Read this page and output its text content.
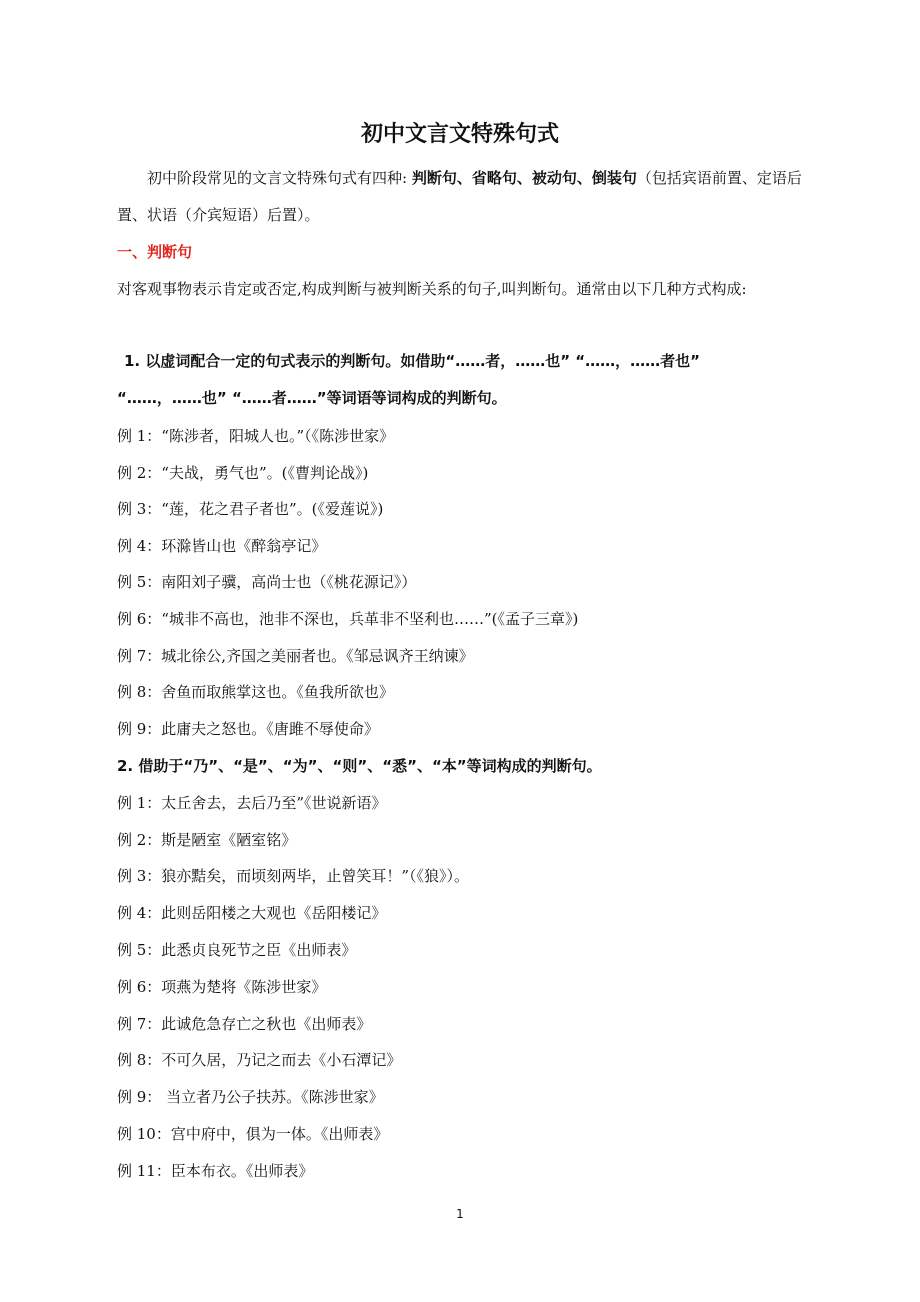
初中文言文特殊句式
初中阶段常见的文言文特殊句式有四种: 判断句、省略句、被动句、倒装句（包括宾语前置、定语后置、状语（介宾短语）后置）。
一、判断句
对客观事物表示肯定或否定,构成判断与被判断关系的句子,叫判断句。通常由以下几种方式构成:
1. 以虚词配合一定的句式表示的判断句。如借助“……者，……也” “……，……者也”
“……，……也” “……者……”等词语等词构成的判断句。
例 1：“陈涉者，阳城人也。”（《陈涉世家》
例 2：“夫战，勇气也”。(《曹判论战》)
例 3：“莲，花之君子者也”。(《爱莲说》)
例 4：环滁皆山也《醉翁亭记》
例 5：南阳刘子骥，高尚士也（《桃花源记》）
例 6：“城非不高也，池非不深也，兵革非不坚利也……”(《孟子三章》)
例 7：城北徐公,齐国之美丽者也。《邹忌讽齐王纳谏》
例 8：舍鱼而取熊掌这也。《鱼我所欲也》
例 9：此庸夫之怒也。《唐雎不辱使命》
2. 借助于“乃”、“是”、“为”、“则”、“悉”、“本”等词构成的判断句。
例 1：太丘舍去，去后乃至”《世说新语》
例 2：斯是陋室《陋室铭》
例 3：狼亦黠矣，而顷刻两毕，止曾笑耳！”（《狼》）。
例 4：此则岳阳楼之大观也《岳阳楼记》
例 5：此悉贞良死节之臣《出师表》
例 6：项燕为楚将《陈涉世家》
例 7：此诚危急存亡之秋也《出师表》
例 8：不可久居，乃记之而去《小石潭记》
例 9： 当立者乃公子扶苏。《陈涉世家》
例 10：宫中府中，俱为一体。《出师表》
例 11：臣本布衣。《出师表》
1
